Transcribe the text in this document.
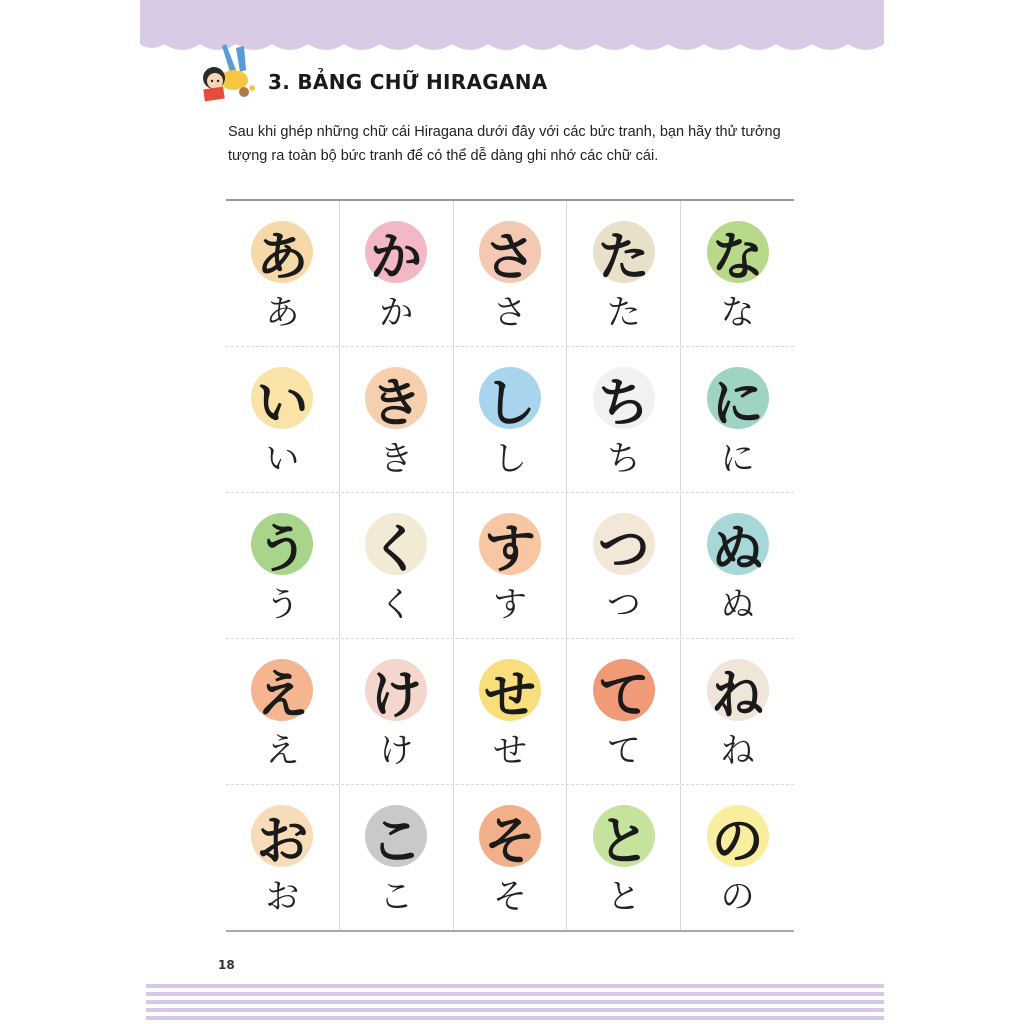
3. BẢNG CHỮ HIRAGANA
Sau khi ghép những chữ cái Hiragana dưới đây với các bức tranh, bạn hãy thử tưởng tượng ra toàn bộ bức tranh để có thể dễ dàng ghi nhớ các chữ cái.
あ
あ
か
か
さ
さ
た
た
な
な
い
い
き
き
し
し
ち
ち
に
に
う
う
く
く
す
す
つ
つ
ぬ
ぬ
え
え
け
け
せ
せ
て
て
ね
ね
お
お
こ
こ
そ
そ
と
と
の
の
18
